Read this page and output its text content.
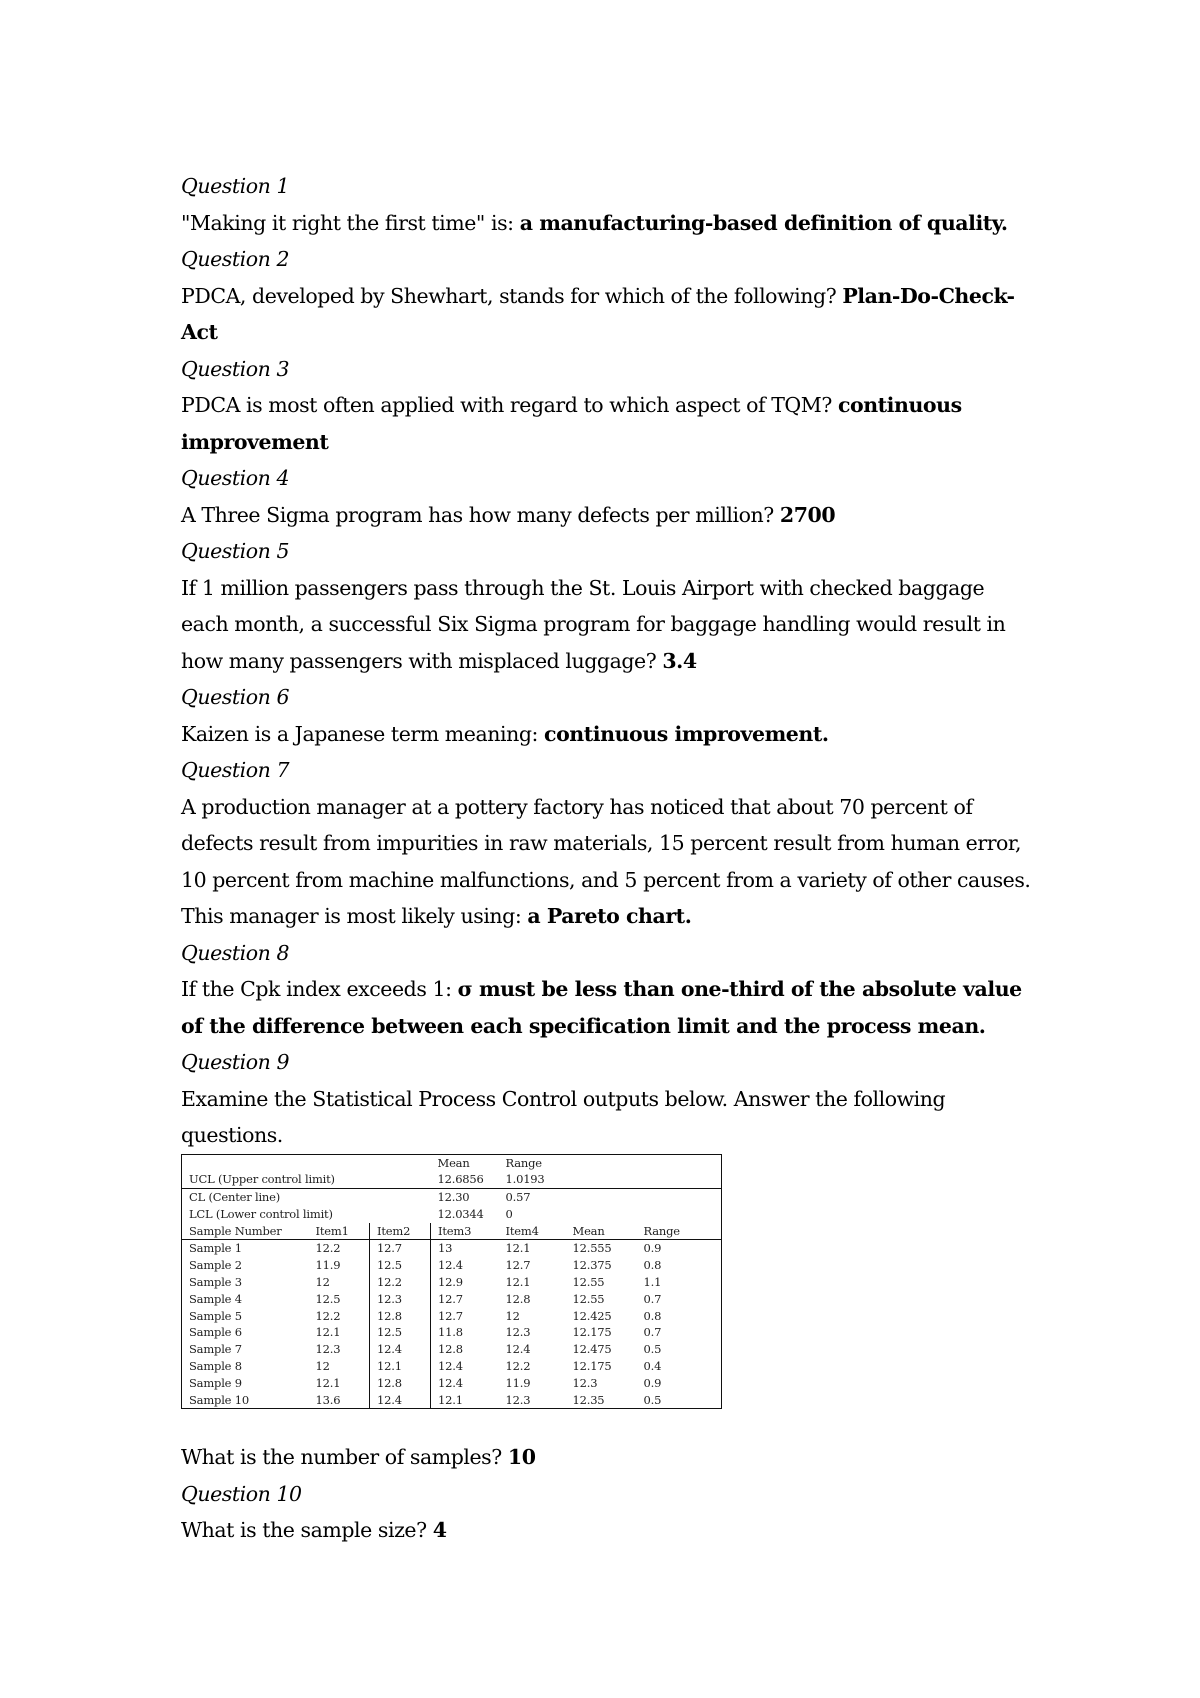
Question 1

"Making it right the first time" is: a manufacturing-based definition of quality.

Question 2

PDCA, developed by Shewhart, stands for which of the following? Plan-Do-Check-Act

Question 3

PDCA is most often applied with regard to which aspect of TQM? continuous improvement

Question 4

A Three Sigma program has how many defects per million? 2700

Question 5

If 1 million passengers pass through the St. Louis Airport with checked baggage each month, a successful Six Sigma program for baggage handling would result in how many passengers with misplaced luggage? 3.4

Question 6

Kaizen is a Japanese term meaning: continuous improvement.

Question 7

A production manager at a pottery factory has noticed that about 70 percent of defects result from impurities in raw materials, 15 percent result from human error, 10 percent from machine malfunctions, and 5 percent from a variety of other causes. This manager is most likely using: a Pareto chart.

Question 8

If the Cpk index exceeds 1: σ must be less than one-third of the absolute value of the difference between each specification limit and the process mean.

Question 9

Examine the Statistical Process Control outputs below. Answer the following questions.

			Mean	Range		
UCL (Upper control limit)			12.6856	1.0193		
CL (Center line)			12.30	0.57		
LCL (Lower control limit)			12.0344	0		
Sample Number	Item1	Item2	Item3	Item4	Mean	Range
Sample 1	12.2	12.7	13	12.1	12.555	0.9
Sample 2	11.9	12.5	12.4	12.7	12.375	0.8
Sample 3	12	12.2	12.9	12.1	12.55	1.1
Sample 4	12.5	12.3	12.7	12.8	12.55	0.7
Sample 5	12.2	12.8	12.7	12	12.425	0.8
Sample 6	12.1	12.5	11.8	12.3	12.175	0.7
Sample 7	12.3	12.4	12.8	12.4	12.475	0.5
Sample 8	12	12.1	12.4	12.2	12.175	0.4
Sample 9	12.1	12.8	12.4	11.9	12.3	0.9
Sample 10	13.6	12.4	12.1	12.3	12.35	0.5

What is the number of samples? 10

Question 10

What is the sample size? 4
